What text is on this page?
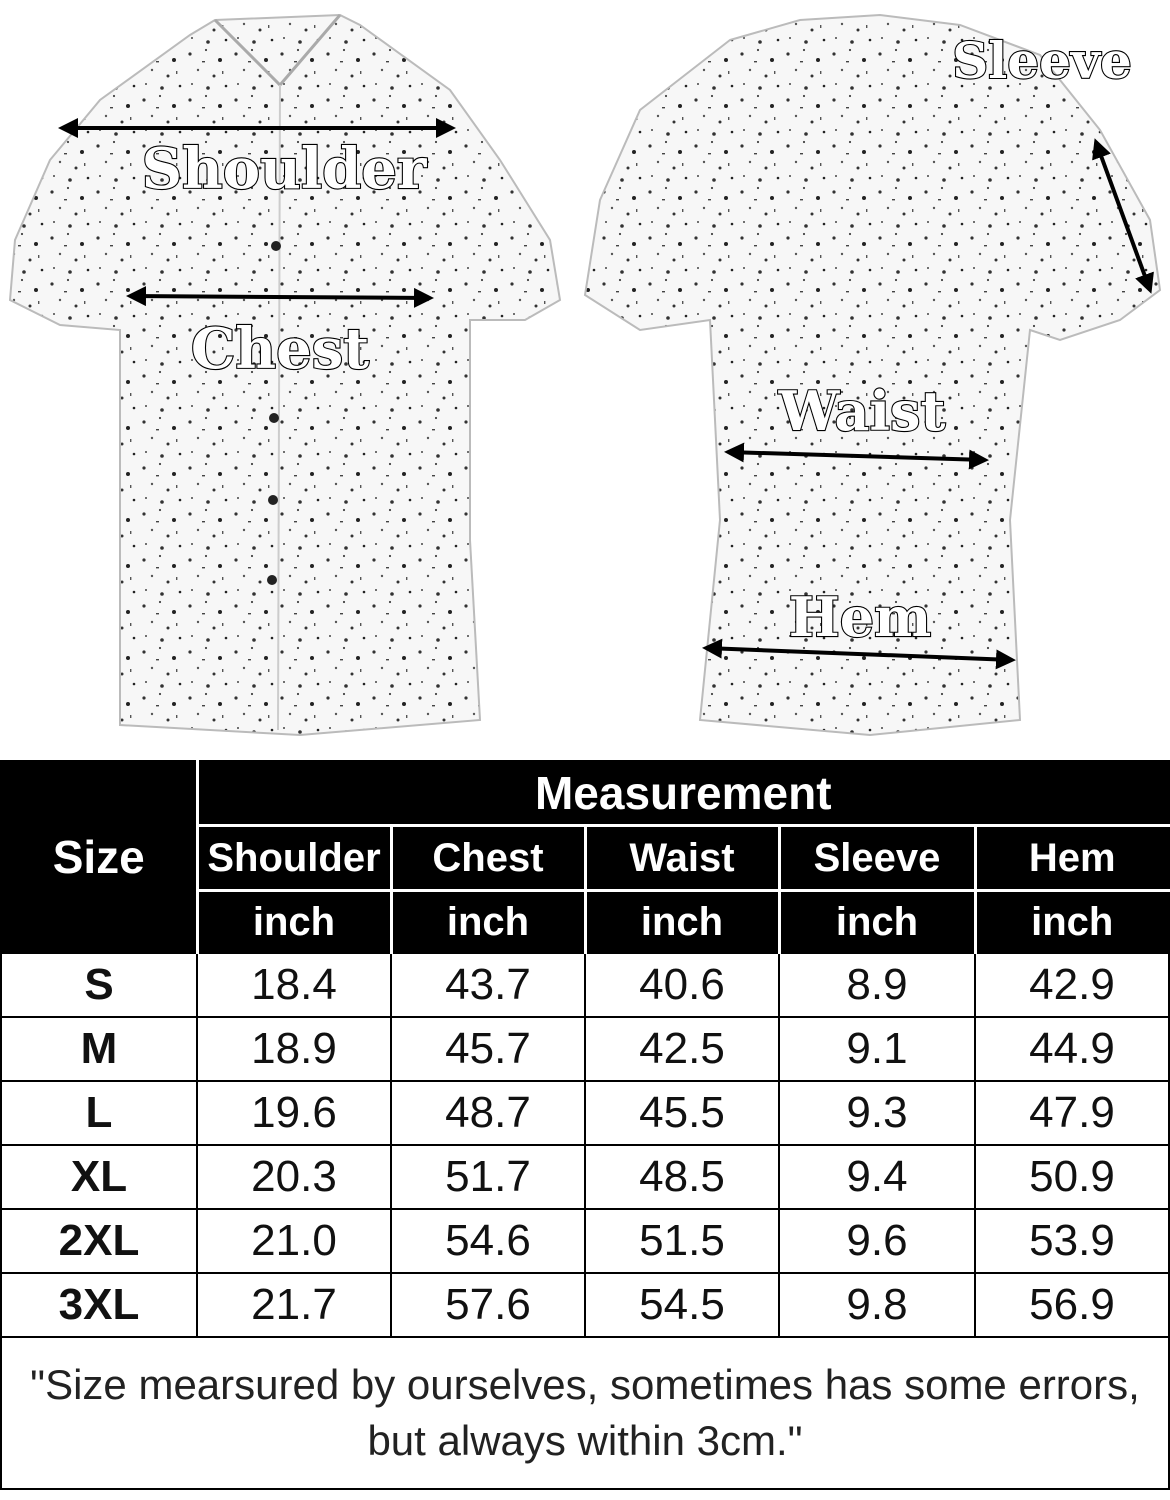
Shoulder
Chest
Sleeve
Waist
Hem
Size	Measurement				
	Shoulder	Chest	Waist	Sleeve	Hem
	inch	inch	inch	inch	inch
S	18.4	43.7	40.6	8.9	42.9
M	18.9	45.7	42.5	9.1	44.9
L	19.6	48.7	45.5	9.3	47.9
XL	20.3	51.7	48.5	9.4	50.9
2XL	21.0	54.6	51.5	9.6	53.9
3XL	21.7	57.6	54.5	9.8	56.9
"Size mearsured by ourselves, sometimes has some errors, but always within 3cm."					
